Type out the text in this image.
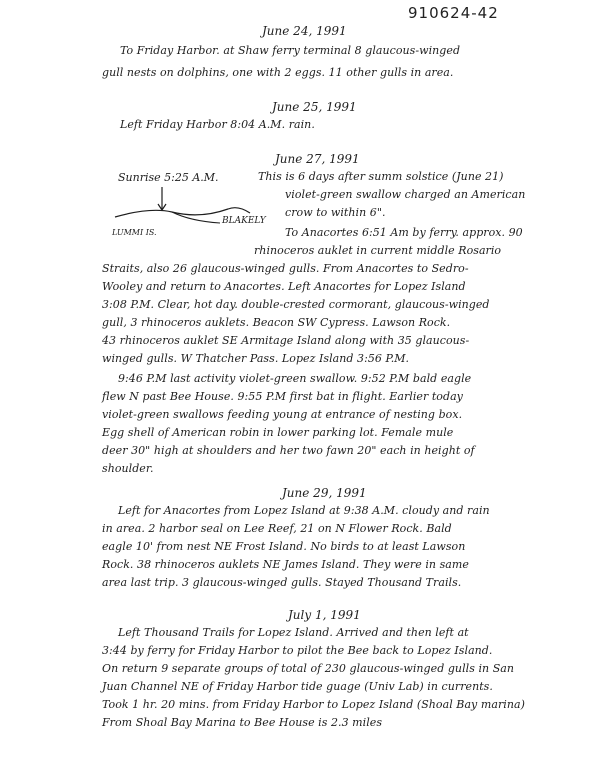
910624-42
June 24, 1991
To Friday Harbor. at Shaw ferry terminal 8 glaucous-winged
gull nests on dolphins, one with 2 eggs. 11 other gulls in area.
June 25, 1991
Left Friday Harbor 8:04 A.M. rain.
June 27, 1991
Sunrise 5:25 A.M.
BLAKELY
LUMMI IS.
This is 6 days after summ solstice (June 21)
violet-green swallow charged an American
crow to within 6".
To Anacortes 6:51 Am by ferry. approx. 90
rhinoceros auklet in current middle Rosario
Straits, also 26 glaucous-winged gulls. From Anacortes to Sedro-
Wooley and return to Anacortes. Left Anacortes for Lopez Island
3:08 P.M. Clear, hot day. double-crested cormorant, glaucous-winged
gull, 3 rhinoceros auklets. Beacon SW Cypress. Lawson Rock.
43 rhinoceros auklet SE Armitage Island along with 35 glaucous-
winged gulls. W Thatcher Pass. Lopez Island 3:56 P.M.
9:46 P.M last activity violet-green swallow. 9:52 P.M bald eagle
flew N past Bee House. 9:55 P.M first bat in flight. Earlier today
violet-green swallows feeding young at entrance of nesting box.
Egg shell of American robin in lower parking lot. Female mule
deer 30" high at shoulders and her two fawn 20" each in height of
shoulder.
June 29, 1991
Left for Anacortes from Lopez Island at 9:38 A.M. cloudy and rain
in area. 2 harbor seal on Lee Reef, 21 on N Flower Rock. Bald
eagle 10' from nest NE Frost Island. No birds to at least Lawson
Rock. 38 rhinoceros auklets NE James Island. They were in same
area last trip. 3 glaucous-winged gulls. Stayed Thousand Trails.
July 1, 1991
Left Thousand Trails for Lopez Island. Arrived and then left at
3:44 by ferry for Friday Harbor to pilot the Bee back to Lopez Island.
On return 9 separate groups of total of 230 glaucous-winged gulls in San
Juan Channel NE of Friday Harbor tide guage (Univ Lab) in currents.
Took 1 hr. 20 mins. from Friday Harbor to Lopez Island (Shoal Bay marina)
From Shoal Bay Marina to Bee House is 2.3 miles
